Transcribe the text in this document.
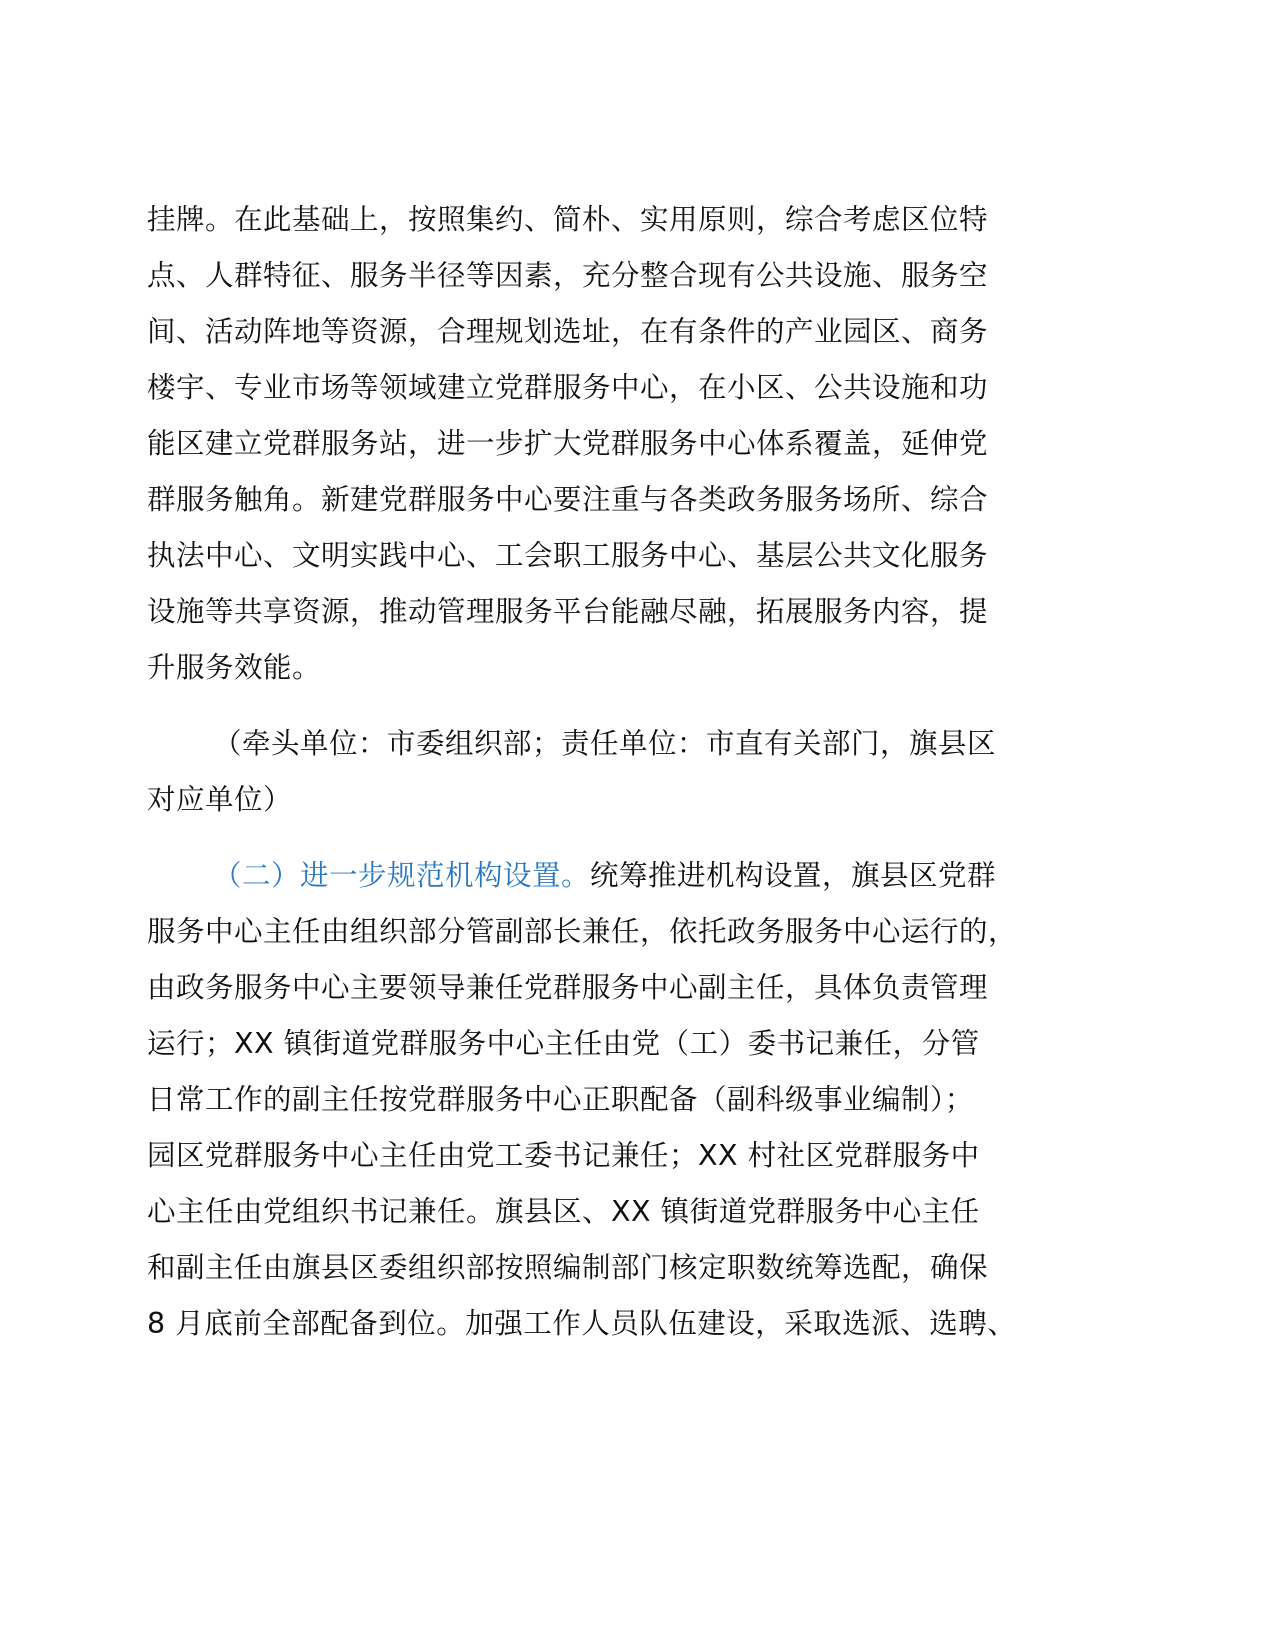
挂牌。在此基础上，按照集约、简朴、实用原则，综合考虑区位特
点、人群特征、服务半径等因素，充分整合现有公共设施、服务空
间、活动阵地等资源，合理规划选址，在有条件的产业园区、商务
楼宇、专业市场等领域建立党群服务中心，在小区、公共设施和功
能区建立党群服务站，进一步扩大党群服务中心体系覆盖，延伸党
群服务触角。新建党群服务中心要注重与各类政务服务场所、综合
执法中心、文明实践中心、工会职工服务中心、基层公共文化服务
设施等共享资源，推动管理服务平台能融尽融，拓展服务内容，提
升服务效能。
（牵头单位：市委组织部；责任单位：市直有关部门，旗县区
对应单位）
（二）进一步规范机构设置。统筹推进机构设置，旗县区党群
服务中心主任由组织部分管副部长兼任，依托政务服务中心运行的，
由政务服务中心主要领导兼任党群服务中心副主任，具体负责管理
运行；XX 镇街道党群服务中心主任由党（工）委书记兼任，分管
日常工作的副主任按党群服务中心正职配备（副科级事业编制）；
园区党群服务中心主任由党工委书记兼任；XX 村社区党群服务中
心主任由党组织书记兼任。旗县区、XX 镇街道党群服务中心主任
和副主任由旗县区委组织部按照编制部门核定职数统筹选配，确保
8 月底前全部配备到位。加强工作人员队伍建设，采取选派、选聘、
